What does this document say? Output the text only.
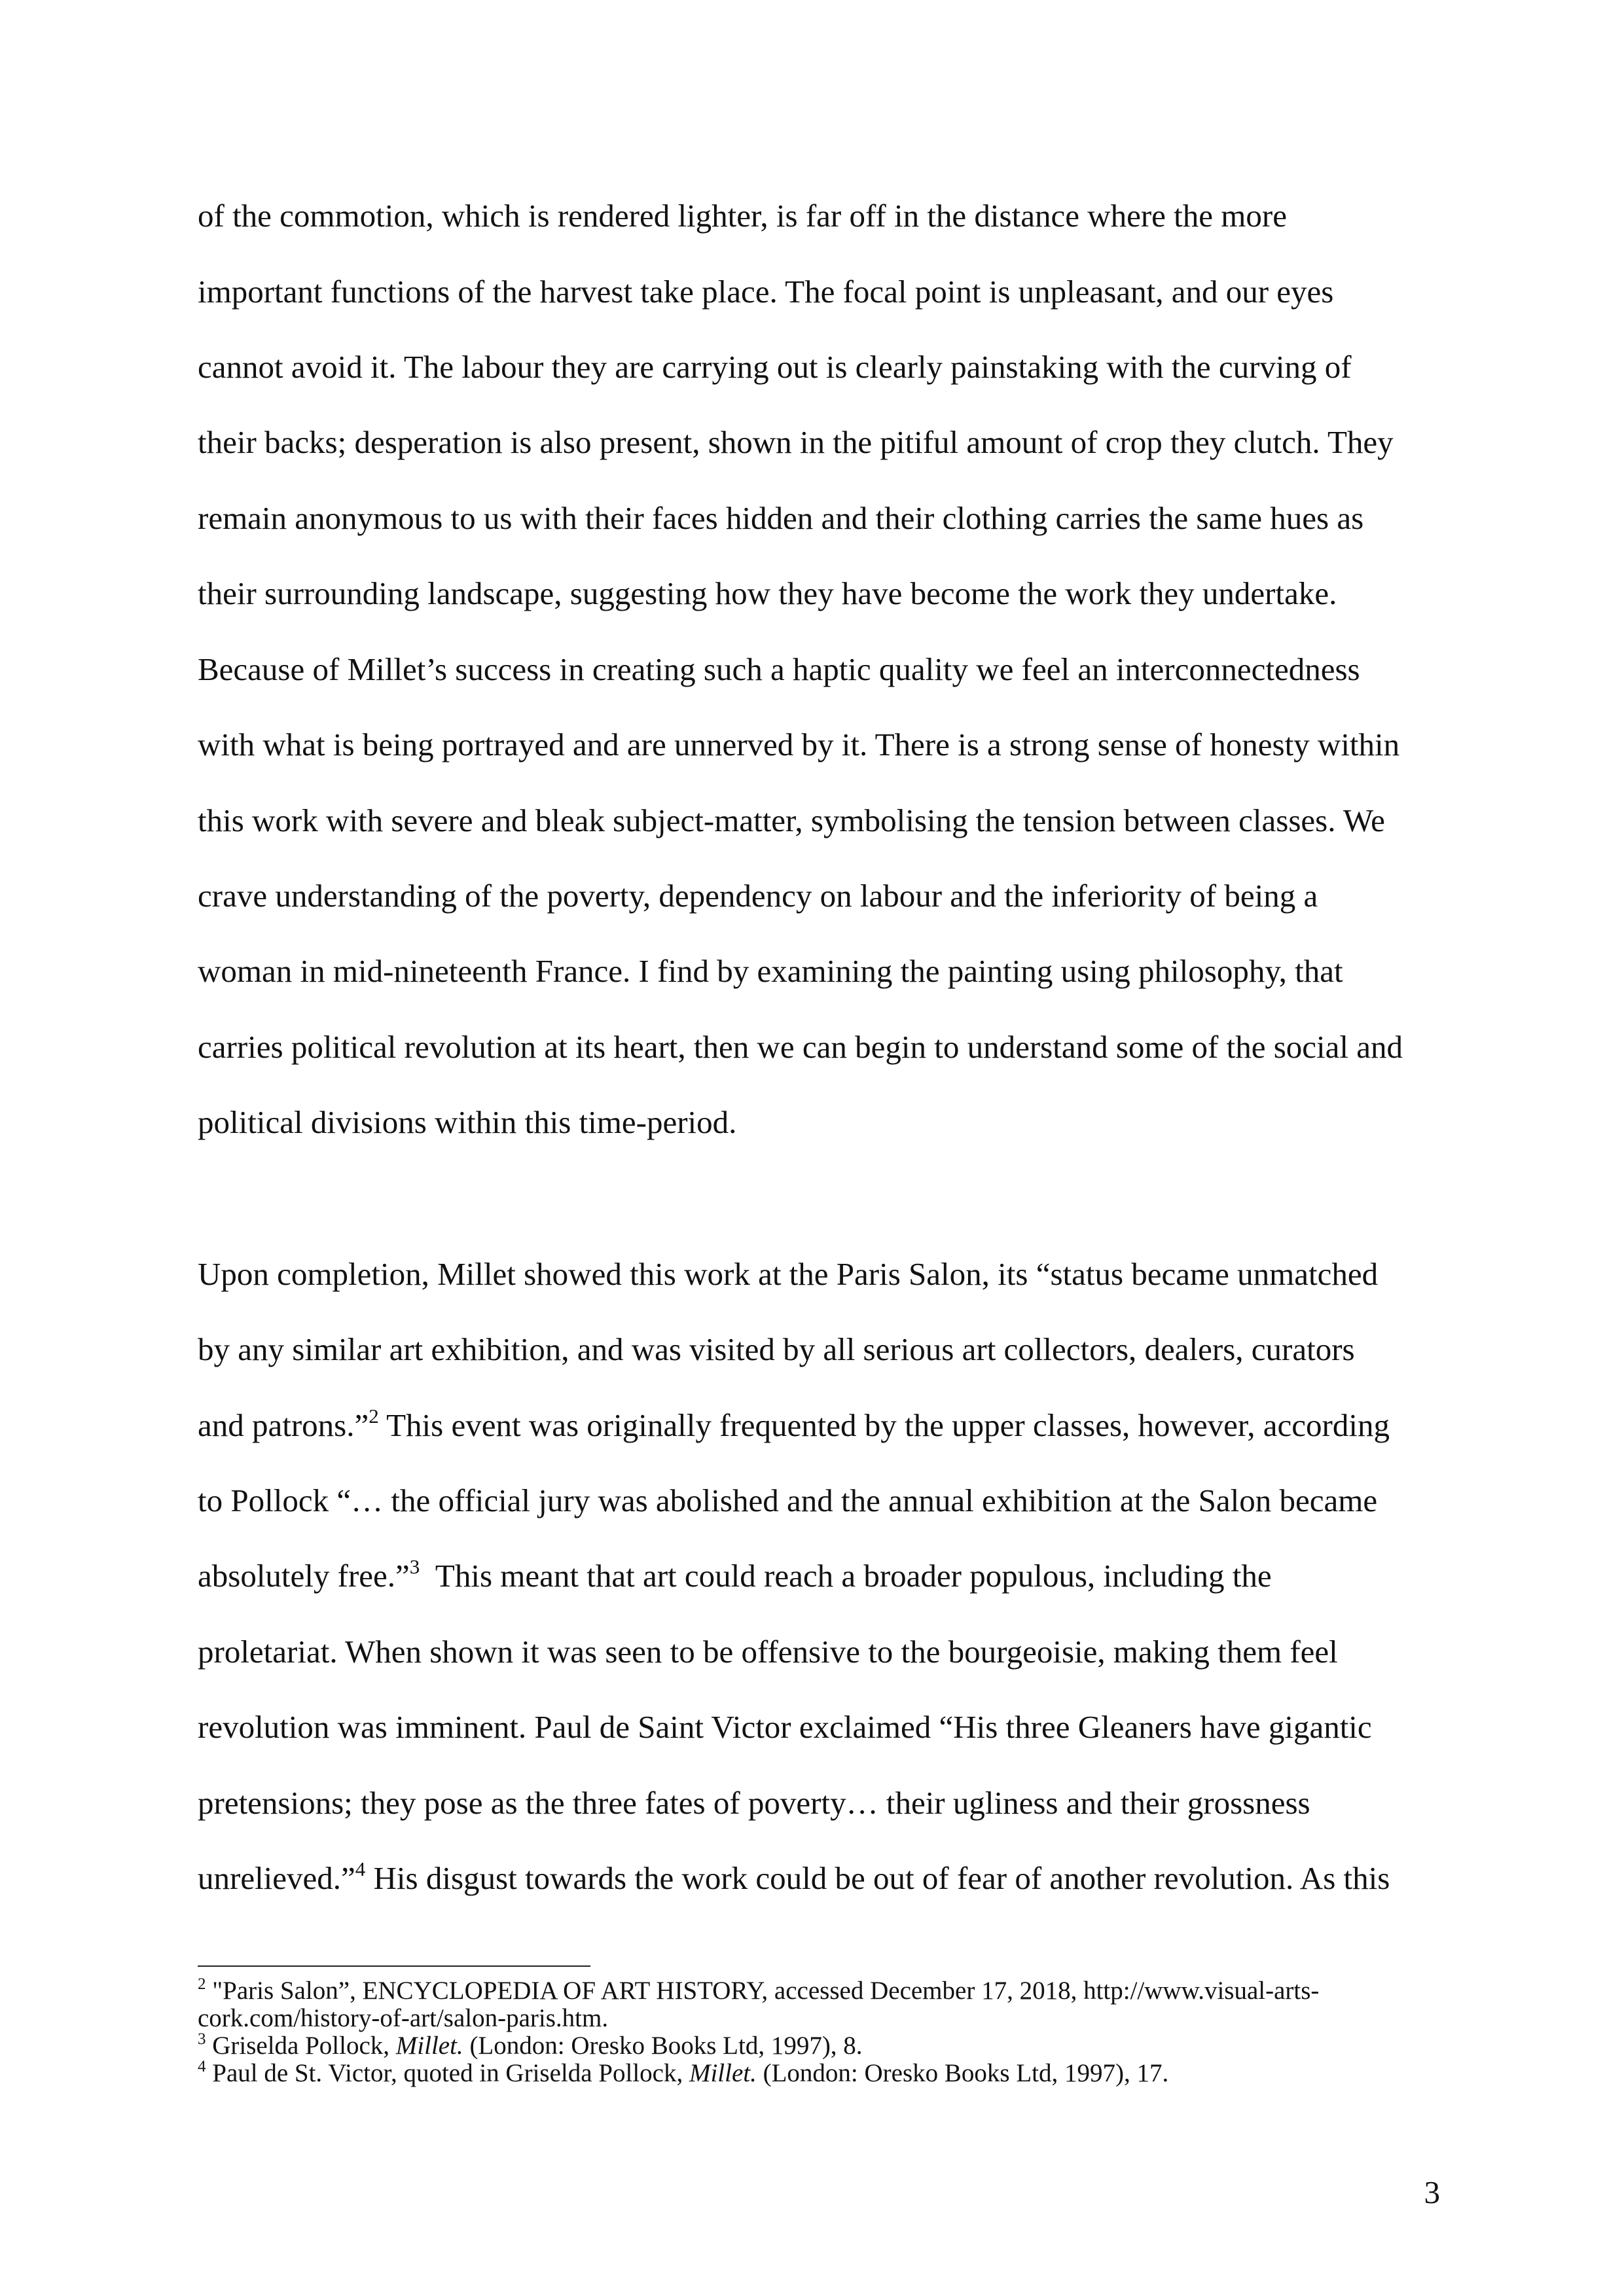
of the commotion, which is rendered lighter, is far off in the distance where the more

important functions of the harvest take place. The focal point is unpleasant, and our eyes

cannot avoid it. The labour they are carrying out is clearly painstaking with the curving of

their backs; desperation is also present, shown in the pitiful amount of crop they clutch. They

remain anonymous to us with their faces hidden and their clothing carries the same hues as

their surrounding landscape, suggesting how they have become the work they undertake.

Because of Millet’s success in creating such a haptic quality we feel an interconnectedness

with what is being portrayed and are unnerved by it. There is a strong sense of honesty within

this work with severe and bleak subject-matter, symbolising the tension between classes. We

crave understanding of the poverty, dependency on labour and the inferiority of being a

woman in mid-nineteenth France. I find by examining the painting using philosophy, that

carries political revolution at its heart, then we can begin to understand some of the social and

political divisions within this time-period.

Upon completion, Millet showed this work at the Paris Salon, its “status became unmatched

by any similar art exhibition, and was visited by all serious art collectors, dealers, curators

and patrons.”$^2$ This event was originally frequented by the upper classes, however, according

to Pollock “… the official jury was abolished and the annual exhibition at the Salon became

absolutely free.”$^3$  This meant that art could reach a broader populous, including the

proletariat. When shown it was seen to be offensive to the bourgeoisie, making them feel

revolution was imminent. Paul de Saint Victor exclaimed “His three Gleaners have gigantic

pretensions; they pose as the three fates of poverty… their ugliness and their grossness

unrelieved.”$^4$ His disgust towards the work could be out of fear of another revolution. As this

$^2$ "Paris Salon”, ENCYCLOPEDIA OF ART HISTORY, accessed December 17, 2018, http://www.visual-arts-

cork.com/history-of-art/salon-paris.htm.

$^3$ Griselda Pollock, Millet. (London: Oresko Books Ltd, 1997), 8.

$^4$ Paul de St. Victor, quoted in Griselda Pollock, Millet. (London: Oresko Books Ltd, 1997), 17.

3
